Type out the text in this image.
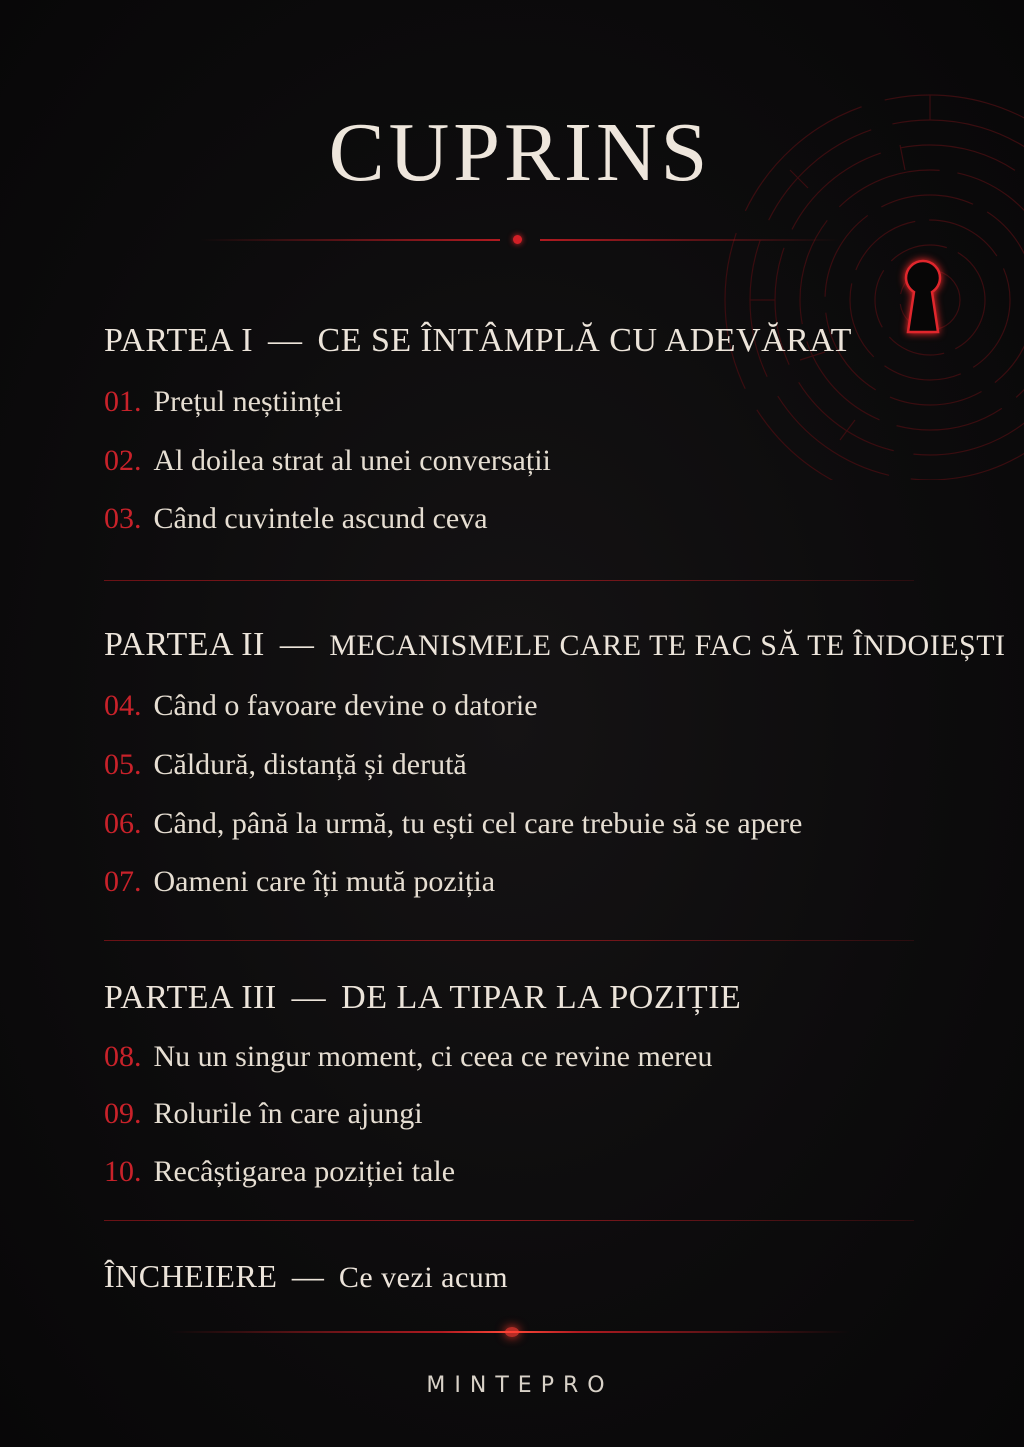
CUPRINS
PARTEA I — CE SE ÎNTÂMPLĂ CU ADEVĂRAT
01. Prețul neștiinței
02. Al doilea strat al unei conversații
03. Când cuvintele ascund ceva
PARTEA II — MECANISMELE CARE TE FAC SĂ TE ÎNDOIEȘTI
04. Când o favoare devine o datorie
05. Căldură, distanță și derută
06. Când, până la urmă, tu ești cel care trebuie să se apere
07. Oameni care îți mută poziția
PARTEA III — DE LA TIPAR LA POZIȚIE
08. Nu un singur moment, ci ceea ce revine mereu
09. Rolurile în care ajungi
10. Recâștigarea poziției tale
ÎNCHEIERE — Ce vezi acum
MINTEPRO
